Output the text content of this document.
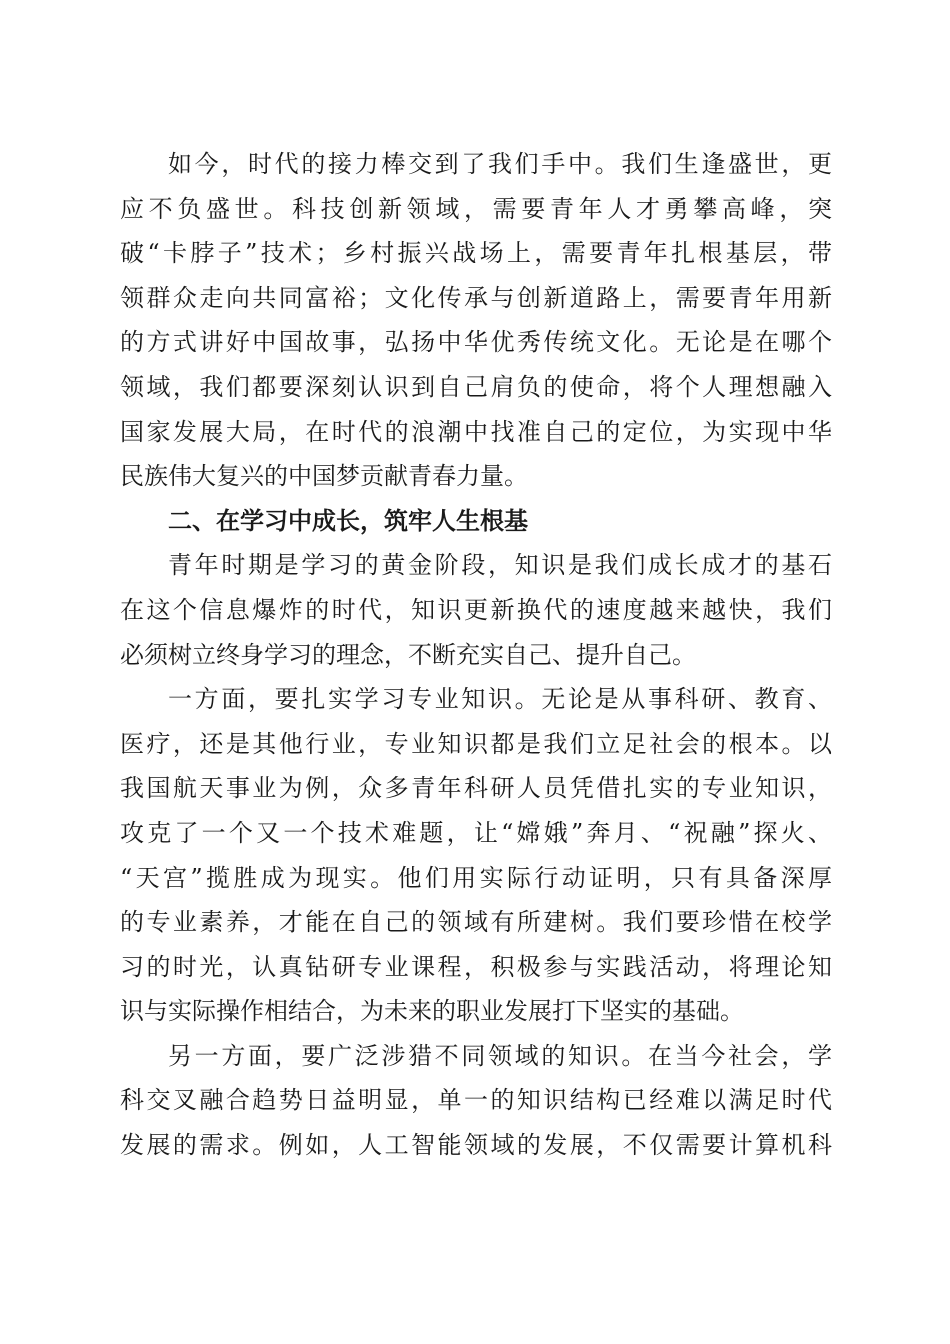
如今，时代的接力棒交到了我们手中。我们生逢盛世，更
应不负盛世。科技创新领域，需要青年人才勇攀高峰，突
破“卡脖子”技术；乡村振兴战场上，需要青年扎根基层，带
领群众走向共同富裕；文化传承与创新道路上，需要青年用新
的方式讲好中国故事，弘扬中华优秀传统文化。无论是在哪个
领域，我们都要深刻认识到自己肩负的使命，将个人理想融入
国家发展大局，在时代的浪潮中找准自己的定位，为实现中华
民族伟大复兴的中国梦贡献青春力量。
二、在学习中成长，筑牢人生根基
青年时期是学习的黄金阶段，知识是我们成长成才的基石
在这个信息爆炸的时代，知识更新换代的速度越来越快，我们
必须树立终身学习的理念，不断充实自己、提升自己。
一方面，要扎实学习专业知识。无论是从事科研、教育、
医疗，还是其他行业，专业知识都是我们立足社会的根本。以
我国航天事业为例，众多青年科研人员凭借扎实的专业知识，
攻克了一个又一个技术难题，让“嫦娥”奔月、“祝融”探火、
“天宫”揽胜成为现实。他们用实际行动证明，只有具备深厚
的专业素养，才能在自己的领域有所建树。我们要珍惜在校学
习的时光，认真钻研专业课程，积极参与实践活动，将理论知
识与实际操作相结合，为未来的职业发展打下坚实的基础。
另一方面，要广泛涉猎不同领域的知识。在当今社会，学
科交叉融合趋势日益明显，单一的知识结构已经难以满足时代
发展的需求。例如，人工智能领域的发展，不仅需要计算机科
